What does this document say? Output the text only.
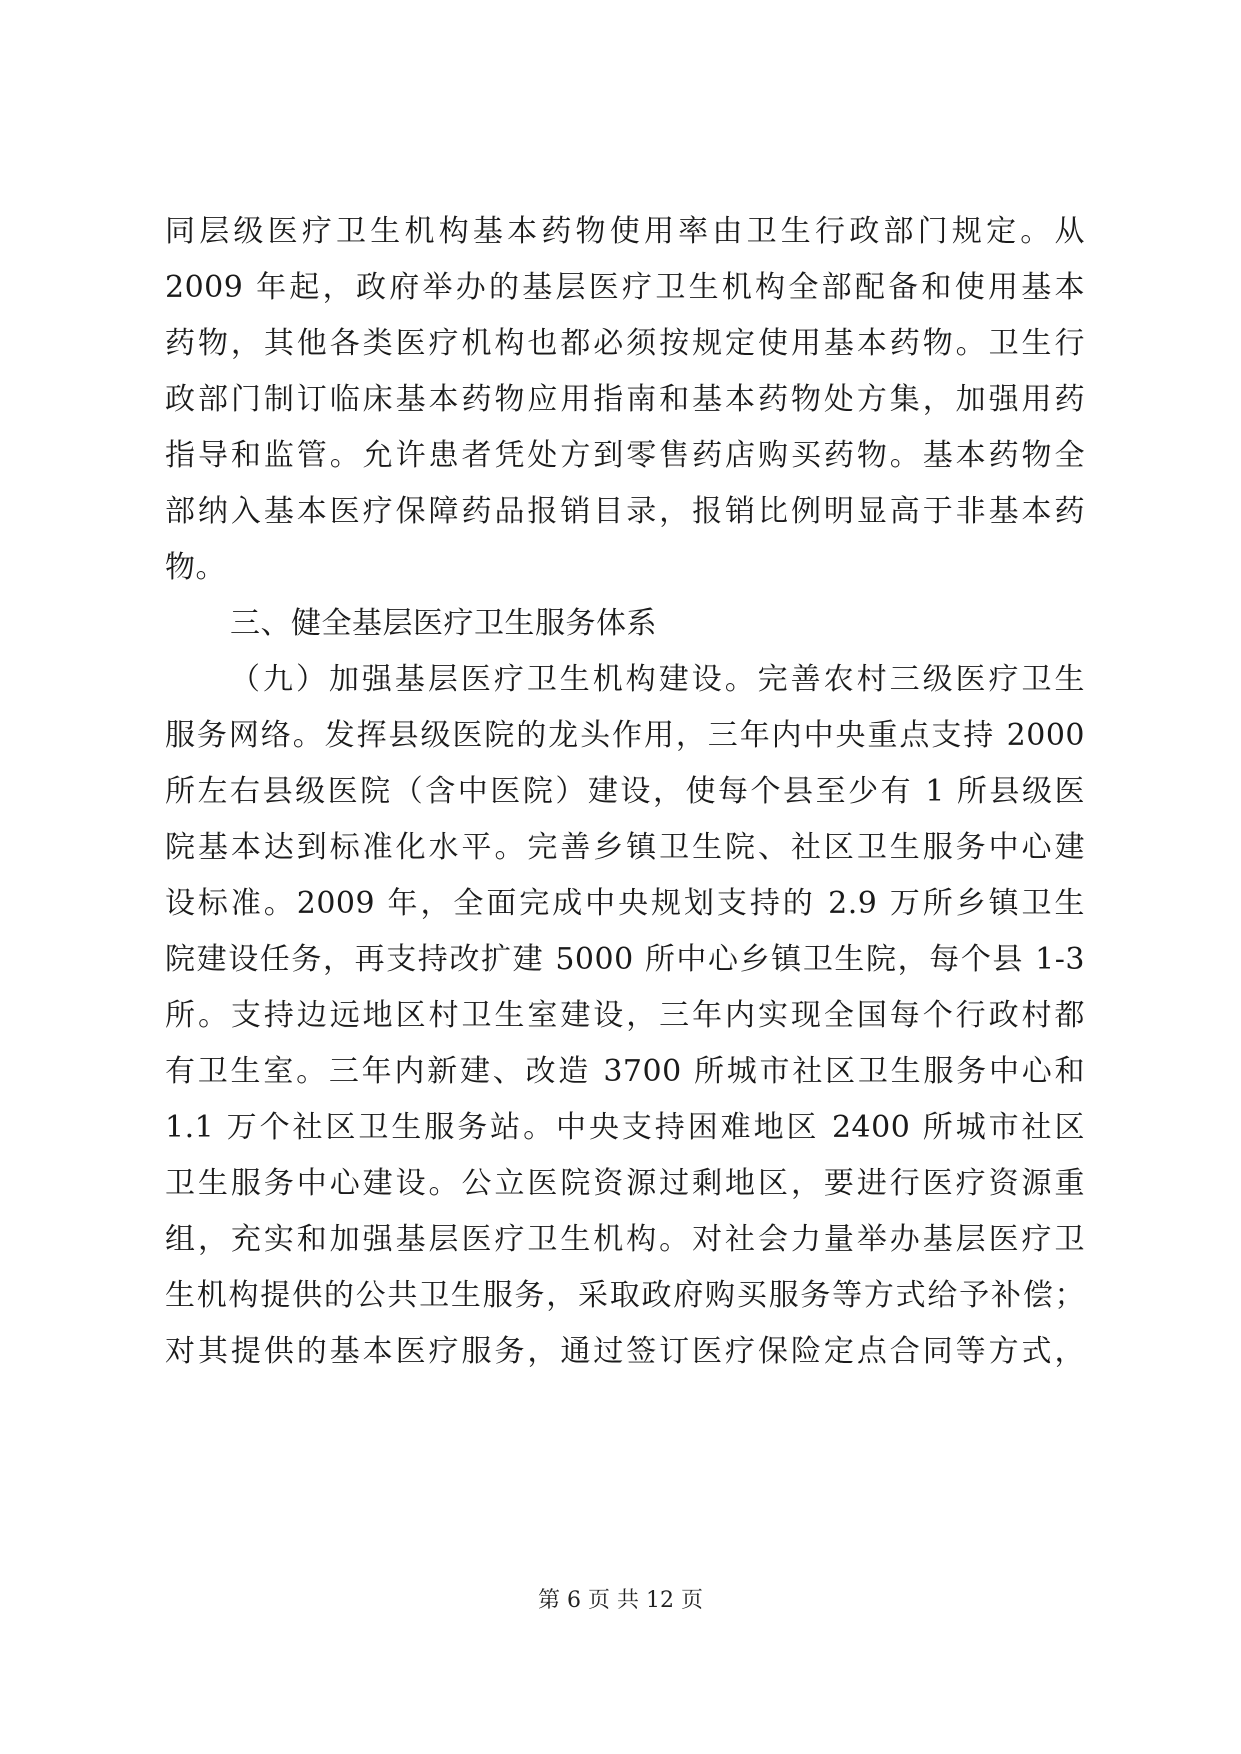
同层级医疗卫生机构基本药物使用率由卫生行政部门规定。从
2009 年起，政府举办的基层医疗卫生机构全部配备和使用基本
药物，其他各类医疗机构也都必须按规定使用基本药物。卫生行
政部门制订临床基本药物应用指南和基本药物处方集，加强用药
指导和监管。允许患者凭处方到零售药店购买药物。基本药物全
部纳入基本医疗保障药品报销目录，报销比例明显高于非基本药
物。
三、健全基层医疗卫生服务体系
（九）加强基层医疗卫生机构建设。完善农村三级医疗卫生
服务网络。发挥县级医院的龙头作用，三年内中央重点支持 2000
所左右县级医院（含中医院）建设，使每个县至少有 1 所县级医
院基本达到标准化水平。完善乡镇卫生院、社区卫生服务中心建
设标准。2009 年，全面完成中央规划支持的 2.9 万所乡镇卫生
院建设任务，再支持改扩建 5000 所中心乡镇卫生院，每个县 1-3
所。支持边远地区村卫生室建设，三年内实现全国每个行政村都
有卫生室。三年内新建、改造 3700 所城市社区卫生服务中心和
1.1 万个社区卫生服务站。中央支持困难地区 2400 所城市社区
卫生服务中心建设。公立医院资源过剩地区，要进行医疗资源重
组，充实和加强基层医疗卫生机构。对社会力量举办基层医疗卫
生机构提供的公共卫生服务，采取政府购买服务等方式给予补偿；
对其提供的基本医疗服务，通过签订医疗保险定点合同等方式，
第 6 页 共 12 页
